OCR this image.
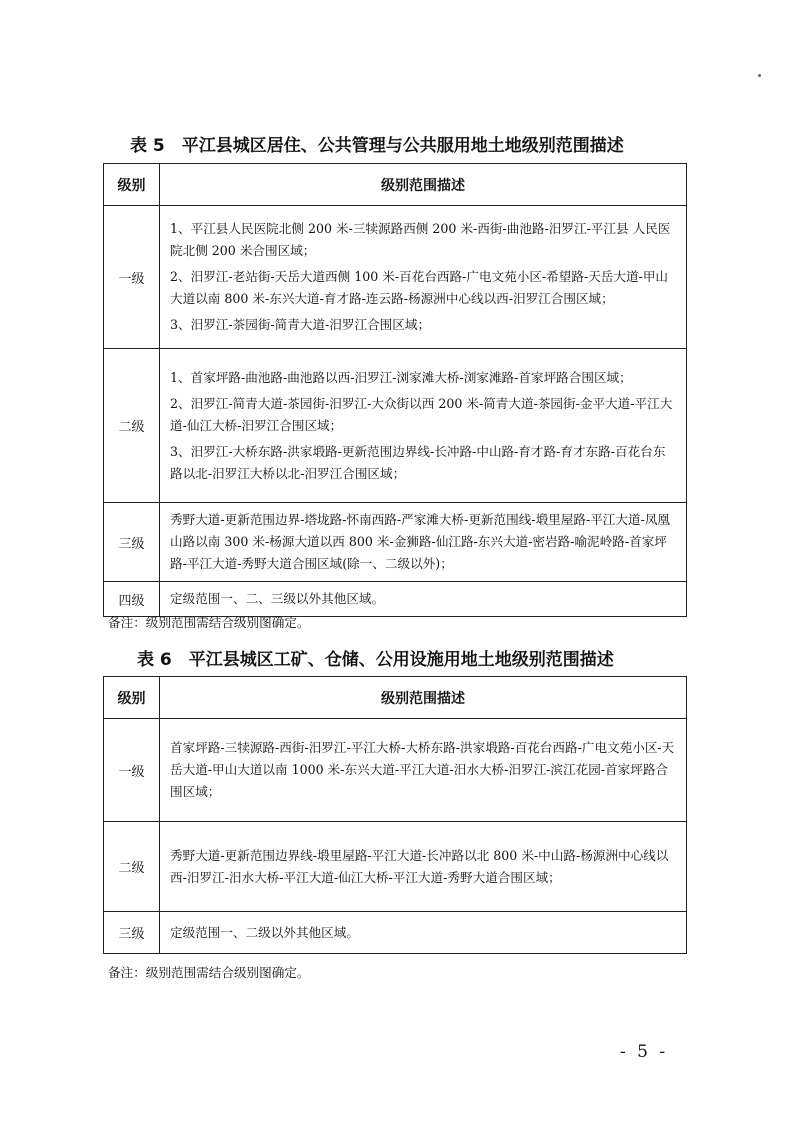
表 5　平江县城区居住、公共管理与公共服用地土地级别范围描述
级别	级别范围描述
一级	1、平江县人民医院北侧 200 米-三犊源路西侧 200 米-西街-曲池路-汨罗江-平江县 人民医院北侧 200 米合围区域；

2、汨罗江-老站街-天岳大道西侧 100 米-百花台西路-广电文苑小区-希望路-天岳大道-甲山大道以南 800 米-东兴大道-育才路-连云路-杨源洲中心线以西-汨罗江合围区域；

3、汨罗江-茶园街-简青大道-汨罗江合围区域；

二级	1、首家坪路-曲池路-曲池路以西-汨罗江-浏家滩大桥-浏家滩路-首家坪路合围区域；

2、汨罗江-简青大道-茶园街-汨罗江-大众街以西 200 米-简青大道-茶园街-金平大道-平江大道-仙江大桥-汨罗江合围区域；

3、汨罗江-大桥东路-洪家塅路-更新范围边界线-长冲路-中山路-育才路-育才东路-百花台东路以北-汨罗江大桥以北-汨罗江合围区域；

三级	秀野大道-更新范围边界-塔垅路-怀南西路-严家滩大桥-更新范围线-塅里屋路-平江大道-凤凰山路以南 300 米-杨源大道以西 800 米-金狮路-仙江路-东兴大道-密岩路-喻泥岭路-首家坪路-平江大道-秀野大道合围区域(除一、二级以外)；

四级	定级范围一、二、三级以外其他区域。

备注：级别范围需结合级别图确定。
表 6　平江县城区工矿、仓储、公用设施用地土地级别范围描述
级别	级别范围描述
一级	首家坪路-三犊源路-西街-汨罗江-平江大桥-大桥东路-洪家塅路-百花台西路-广电文苑小区-天岳大道-甲山大道以南 1000 米-东兴大道-平江大道-汨水大桥-汨罗江-滨江花园-首家坪路合围区域；

二级	秀野大道-更新范围边界线-塅里屋路-平江大道-长冲路以北 800 米-中山路-杨源洲中心线以西-汨罗江-汨水大桥-平江大道-仙江大桥-平江大道-秀野大道合围区域；

三级	定级范围一、二级以外其他区域。

备注：级别范围需结合级别图确定。
- 5 -
